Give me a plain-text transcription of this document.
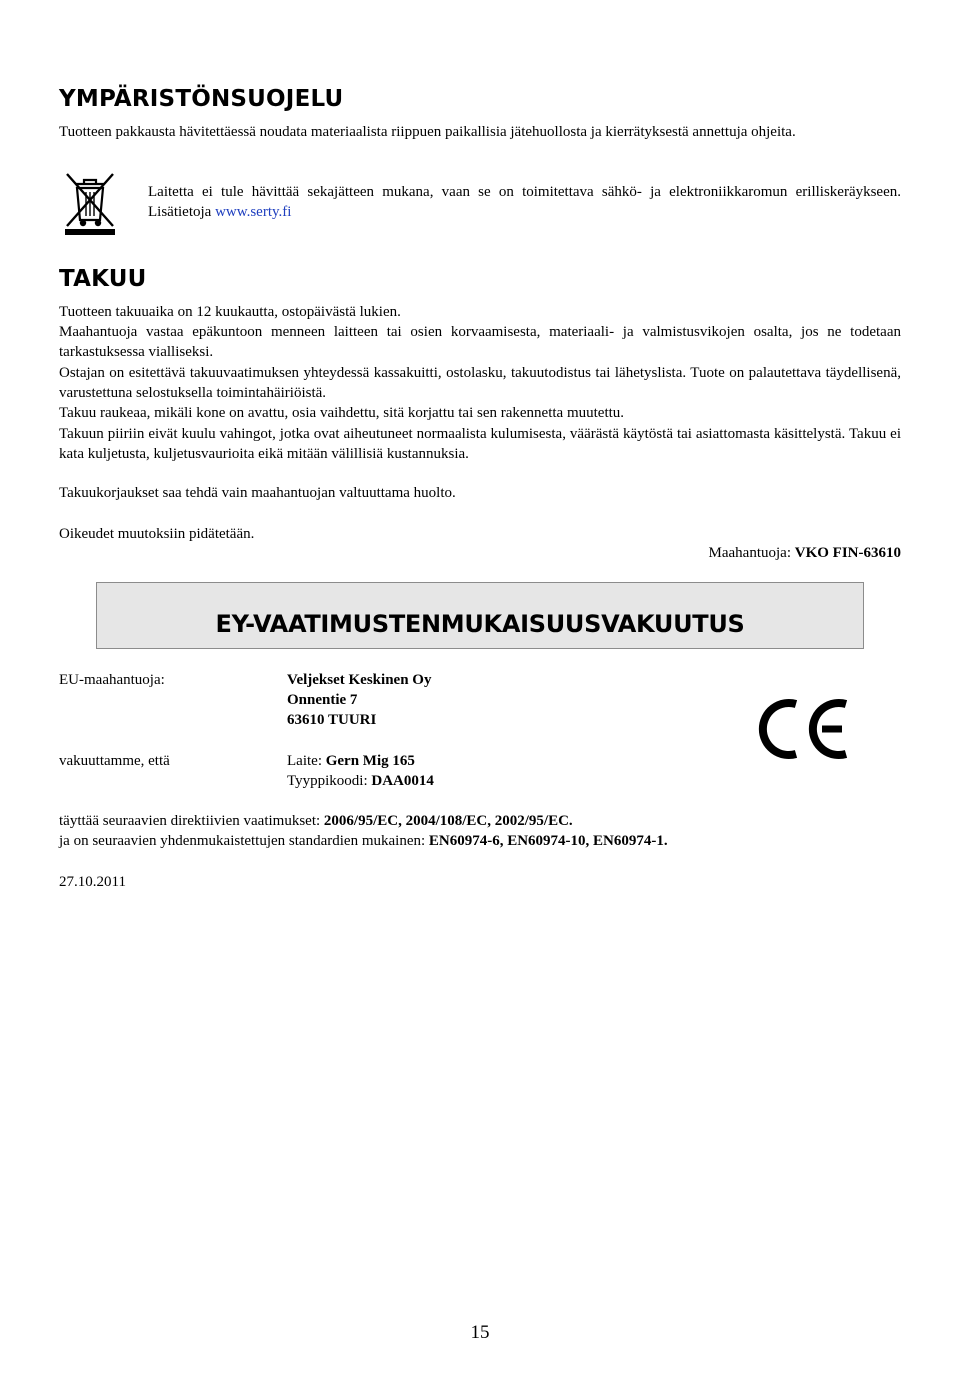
YMPÄRISTÖNSUOJELU
Tuotteen pakkausta hävitettäessä noudata materiaalista riippuen paikallisia jätehuollosta ja kierrätyksestä annettuja ohjeita.
Laitetta ei tule hävittää sekajätteen mukana, vaan se on toimitettava sähkö- ja elektroniikkaromun erilliskeräykseen. Lisätietoja www.serty.fi
TAKUU
Tuotteen takuuaika on 12 kuukautta, ostopäivästä lukien.
Maahantuoja vastaa epäkuntoon menneen laitteen tai osien korvaamisesta, materiaali- ja valmistusvikojen osalta, jos ne todetaan tarkastuksessa vialliseksi.
Ostajan on esitettävä takuuvaatimuksen yhteydessä kassakuitti, ostolasku, takuutodistus tai lähetyslista. Tuote on palautettava täydellisenä, varustettuna selostuksella toimintahäiriöistä.
Takuu raukeaa, mikäli kone on avattu, osia vaihdettu, sitä korjattu tai sen rakennetta muutettu.
Takuun piiriin eivät kuulu vahingot, jotka ovat aiheutuneet normaalista kulumisesta, väärästä käytöstä tai asiattomasta käsittelystä. Takuu ei kata kuljetusta, kuljetusvaurioita eikä mitään välillisiä kustannuksia.
Takuukorjaukset saa tehdä vain maahantuojan valtuuttama huolto.
Oikeudet muutoksiin pidätetään.
Maahantuoja: VKO FIN-63610
EY-VAATIMUSTENMUKAISUUSVAKUUTUS
EU-maahantuoja:	Veljekset Keskinen Oy
Onnentie 7
63610 TUURI
vakuuttamme, että	Laite: Gern Mig 165
Tyyppikoodi: DAA0014
täyttää seuraavien direktiivien vaatimukset: 2006/95/EC, 2004/108/EC, 2002/95/EC.
ja on seuraavien yhdenmukaistettujen standardien mukainen: EN60974-6, EN60974-10, EN60974-1.
27.10.2011
15
